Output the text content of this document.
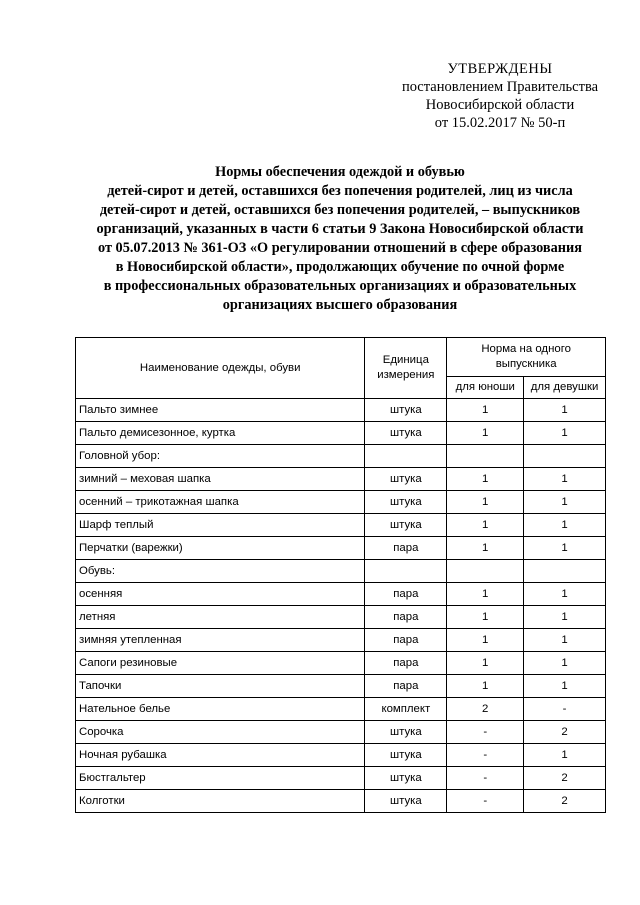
УТВЕРЖДЕНЫ
постановлением Правительства
Новосибирской области
от 15.02.2017 № 50-п
Нормы обеспечения одеждой и обувью
детей-сирот и детей, оставшихся без попечения родителей, лиц из числа
детей-сирот и детей, оставшихся без попечения родителей, – выпускников
организаций, указанных в части 6 статьи 9 Закона Новосибирской области
от 05.07.2013 № 361-ОЗ «О регулировании отношений в сфере образования
в Новосибирской области», продолжающих обучение по очной форме
в профессиональных образовательных организациях и образовательных
организациях высшего образования
Наименование одежды, обуви	Единица измерения	Норма на одного выпускника	
		для юноши	для девушки
Пальто зимнее	штука	1	1
Пальто демисезонное, куртка	штука	1	1
Головной убор:			
зимний – меховая шапка	штука	1	1
осенний – трикотажная шапка	штука	1	1
Шарф теплый	штука	1	1
Перчатки (варежки)	пара	1	1
Обувь:			
осенняя	пара	1	1
летняя	пара	1	1
зимняя утепленная	пара	1	1
Сапоги резиновые	пара	1	1
Тапочки	пара	1	1
Нательное белье	комплект	2	-
Сорочка	штука	-	2
Ночная рубашка	штука	-	1
Бюстгальтер	штука	-	2
Колготки	штука	-	2
